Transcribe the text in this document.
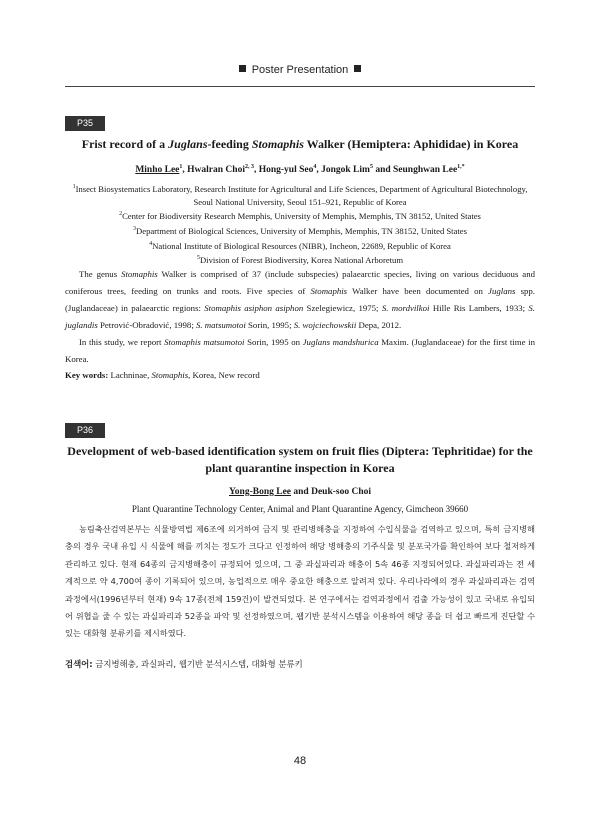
Poster Presentation
P35
Frist record of a Juglans-feeding Stomaphis Walker (Hemiptera: Aphididae) in Korea
Minho Lee$^1$, Hwalran Choi$^{2, 3}$, Hong-yul Seo$^4$, Jongok Lim$^5$ and Seunghwan Lee$^{1,*}$
$^1$Insect Biosystematics Laboratory, Research Institute for Agricultural and Life Sciences, Department of Agricultural Biotechnology, Seoul National University, Seoul 151–921, Republic of Korea
$^2$Center for Biodiversity Research Memphis, University of Memphis, Memphis, TN 38152, United States
$^3$Department of Biological Sciences, University of Memphis, Memphis, TN 38152, United States
$^4$National Institute of Biological Resources (NIBR), Incheon, 22689, Republic of Korea
$^5$Division of Forest Biodiversity, Korea National Arboretum

The genus Stomaphis Walker is comprised of 37 (include subspecies) palaearctic species, living on various deciduous and coniferous trees, feeding on trunks and roots. Five species of Stomaphis Walker have been documented on Juglans spp. (Juglandaceae) in palaearctic regions: Stomaphis asiphon asiphon Szelegiewicz, 1975; S. mordvilkoi Hille Ris Lambers, 1933; S. juglandis Petrović-Obradović, 1998; S. matsumotoi Sorin, 1995; S. wojciechowskii Depa, 2012.

In this study, we report Stomaphis matsumotoi Sorin, 1995 on Juglans mandshurica Maxim. (Juglandaceae) for the first time in Korea.

Key words: Lachninae, Stomaphis, Korea, New record
P36
Development of web-based identification system on fruit flies (Diptera: Tephritidae) for the
plant quarantine inspection in Korea
Yong-Bong Lee and Deuk-soo Choi
Plant Quarantine Technology Center, Animal and Plant Quarantine Agency, Gimcheon 39660

농림축산검역본부는 식물방역법 제6조에 의거하여 금지 및 관리병해충을 지정하여 수입식물을 검역하고 있으며, 특히 금지병해충의 경우 국내 유입 시 식물에 해를 끼치는 정도가 크다고 인정하여 해당 병해충의 기주식물 및 분포국가를 확인하여 보다 철저하게 관리하고 있다. 현재 64종의 금지병해충이 규정되어 있으며, 그 중 과실파리과 해충이 5속 46종 지정되어있다. 과실파리과는 전 세계적으로 약 4,700여 종이 기록되어 있으며, 농업적으로 매우 중요한 해충으로 알려져 있다. 우리나라에의 경우 과실파리과는 검역과정에서(1996년부터 현재) 9속 17종(전체 159건)이 발견되었다. 본 연구에서는 검역과정에서 검출 가능성이 있고 국내로 유입되어 위협을 줄 수 있는 과실파리과 52종을 파악 및 선정하였으며, 웹기반 분석시스템을 이용하여 해당 종을 더 쉽고 빠르게 진단할 수 있는 대화형 분류키를 제시하였다.

검색어: 금지병해충, 과실파리, 웹기반 분석시스템, 대화형 분류키
48
